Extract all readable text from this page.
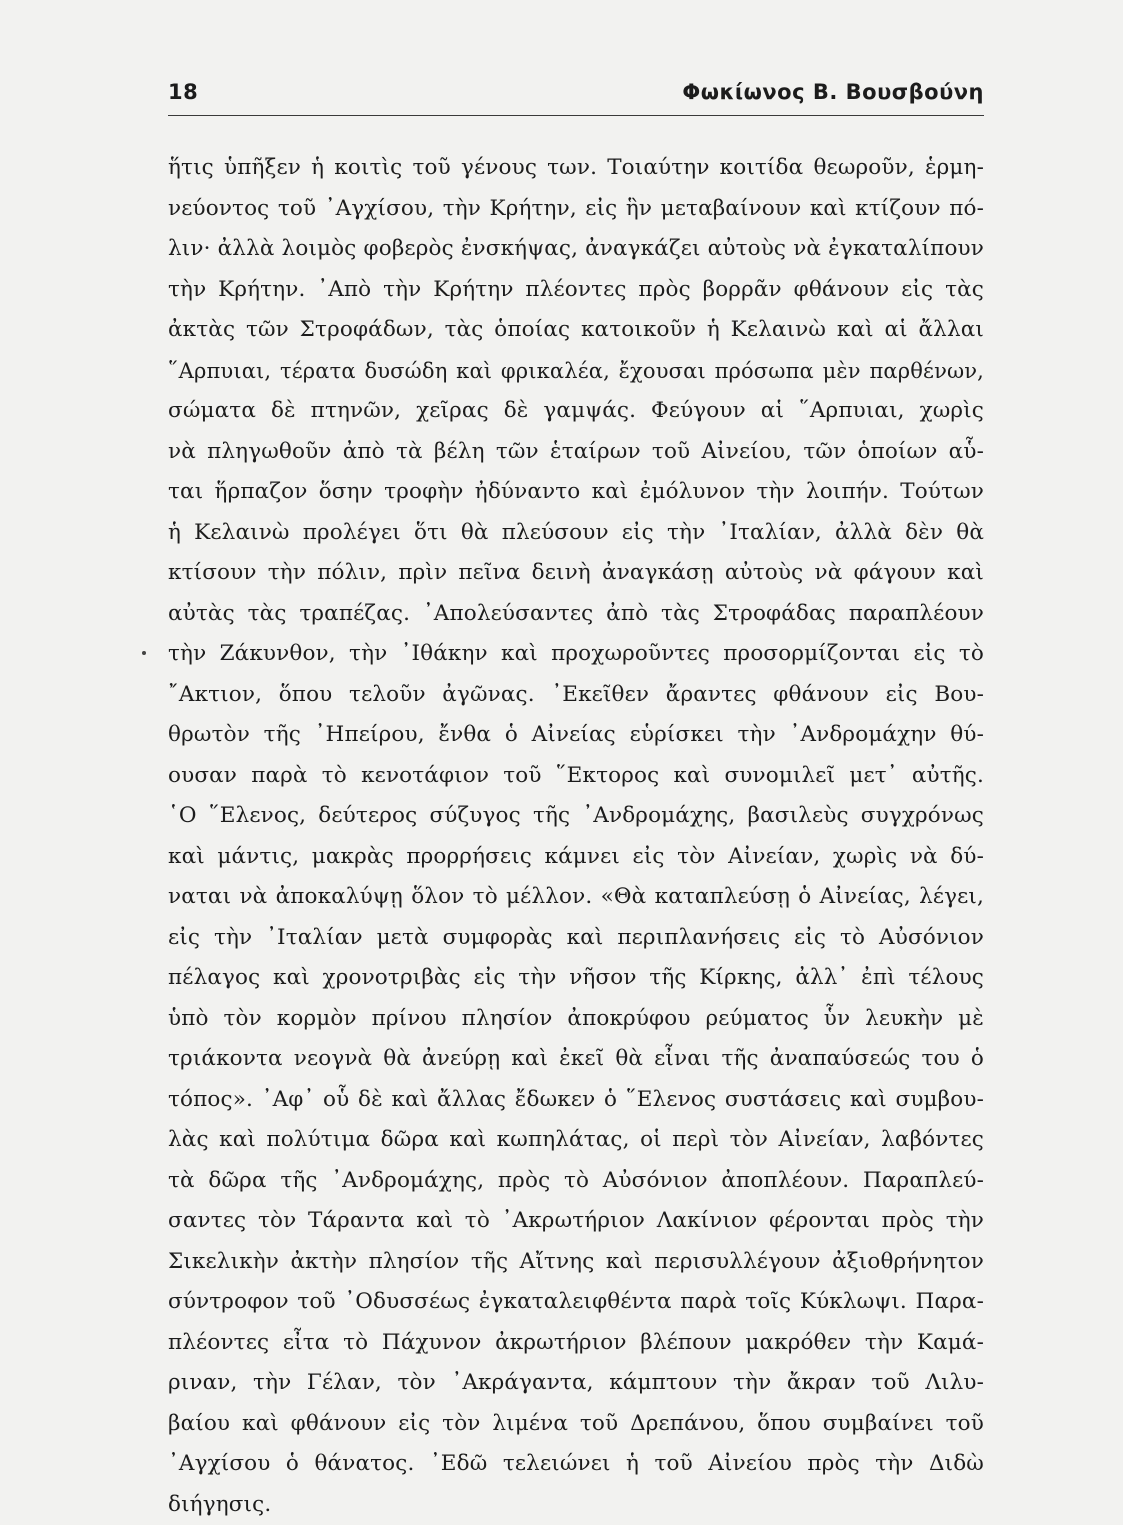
18	Φωκίωνος Β. Βουσβούνη
ἥτις ὑπῆξεν ἡ κοιτὶς τοῦ γένους των. Τοιαύτην κοιτίδα θεωροῦν, ἑρμη-
νεύοντος τοῦ ᾿Αγχίσου, τὴν Κρήτην, εἰς ἣν μεταβαίνουν καὶ κτίζουν πό-
λιν· ἀλλὰ λοιμὸς φοβερὸς ἐνσκήψας, ἀναγκάζει αὐτοὺς νὰ ἐγκαταλίπουν
τὴν Κρήτην. ᾿Απὸ τὴν Κρήτην πλέοντες πρὸς βορρᾶν φθάνουν εἰς τὰς
ἀκτὰς τῶν Στροφάδων, τὰς ὁποίας κατοικοῦν ἡ Κελαινὼ καὶ αἱ ἄλλαι
῞Αρπυιαι, τέρατα δυσώδη καὶ φρικαλέα, ἔχουσαι πρόσωπα μὲν παρθένων,
σώματα δὲ πτηνῶν, χεῖρας δὲ γαμψάς. Φεύγουν αἱ ῞Αρπυιαι, χωρὶς
νὰ πληγωθοῦν ἀπὸ τὰ βέλη τῶν ἑταίρων τοῦ Αἰνείου, τῶν ὁποίων αὗ-
ται ἥρπαζον ὅσην τροφὴν ἠδύναντο καὶ ἐμόλυνον τὴν λοιπήν. Τούτων
ἡ Κελαινὼ προλέγει ὅτι θὰ πλεύσουν εἰς τὴν ᾿Ιταλίαν, ἀλλὰ δὲν θὰ
κτίσουν τὴν πόλιν, πρὶν πεῖνα δεινὴ ἀναγκάσῃ αὐτοὺς νὰ φάγουν καὶ
αὐτὰς τὰς τραπέζας. ᾿Απολεύσαντες ἀπὸ τὰς Στροφάδας παραπλέουν
τὴν Ζάκυνθον, τὴν ᾿Ιθάκην καὶ προχωροῦντες προσορμίζονται εἰς τὸ
῎Ακτιον, ὅπου τελοῦν ἀγῶνας. ᾿Εκεῖθεν ἄραντες φθάνουν εἰς Βου-
θρωτὸν τῆς ᾿Ηπείρου, ἔνθα ὁ Αἰνείας εὑρίσκει τὴν ᾿Ανδρομάχην θύ-
ουσαν παρὰ τὸ κενοτάφιον τοῦ ῞Εκτορος καὶ συνομιλεῖ μετ᾿ αὐτῆς.
῾Ο ῞Ελενος, δεύτερος σύζυγος τῆς ᾿Ανδρομάχης, βασιλεὺς συγχρόνως
καὶ μάντις, μακρὰς προρρήσεις κάμνει εἰς τὸν Αἰνείαν, χωρὶς νὰ δύ-
ναται νὰ ἀποκαλύψῃ ὅλον τὸ μέλλον. «Θὰ καταπλεύσῃ ὁ Αἰνείας, λέγει,
εἰς τὴν ᾿Ιταλίαν μετὰ συμφορὰς καὶ περιπλανήσεις εἰς τὸ Αὐσόνιον
πέλαγος καὶ χρονοτριβὰς εἰς τὴν νῆσον τῆς Κίρκης, ἀλλ᾿ ἐπὶ τέλους
ὑπὸ τὸν κορμὸν πρίνου πλησίον ἀποκρύφου ρεύματος ὗν λευκὴν μὲ
τριάκοντα νεογνὰ θὰ ἀνεύρῃ καὶ ἐκεῖ θὰ εἶναι τῆς ἀναπαύσεώς του ὁ
τόπος». ᾿Αφ᾿ οὗ δὲ καὶ ἄλλας ἔδωκεν ὁ ῞Ελενος συστάσεις καὶ συμβου-
λὰς καὶ πολύτιμα δῶρα καὶ κωπηλάτας, οἱ περὶ τὸν Αἰνείαν, λαβόντες
τὰ δῶρα τῆς ᾿Ανδρομάχης, πρὸς τὸ Αὐσόνιον ἀποπλέουν. Παραπλεύ-
σαντες τὸν Τάραντα καὶ τὸ ᾿Ακρωτήριον Λακίνιον φέρονται πρὸς τὴν
Σικελικὴν ἀκτὴν πλησίον τῆς Αἴτνης καὶ περισυλλέγουν ἀξιοθρήνητον
σύντροφον τοῦ ᾿Οδυσσέως ἐγκαταλειφθέντα παρὰ τοῖς Κύκλωψι. Παρα-
πλέοντες εἶτα τὸ Πάχυνον ἀκρωτήριον βλέπουν μακρόθεν τὴν Καμά-
ριναν, τὴν Γέλαν, τὸν ᾿Ακράγαντα, κάμπτουν τὴν ἄκραν τοῦ Λιλυ-
βαίου καὶ φθάνουν εἰς τὸν λιμένα τοῦ Δρεπάνου, ὅπου συμβαίνει τοῦ
᾿Αγχίσου ὁ θάνατος. ᾿Εδῶ τελειώνει ἡ τοῦ Αἰνείου πρὸς τὴν Διδὼ
διήγησις.
